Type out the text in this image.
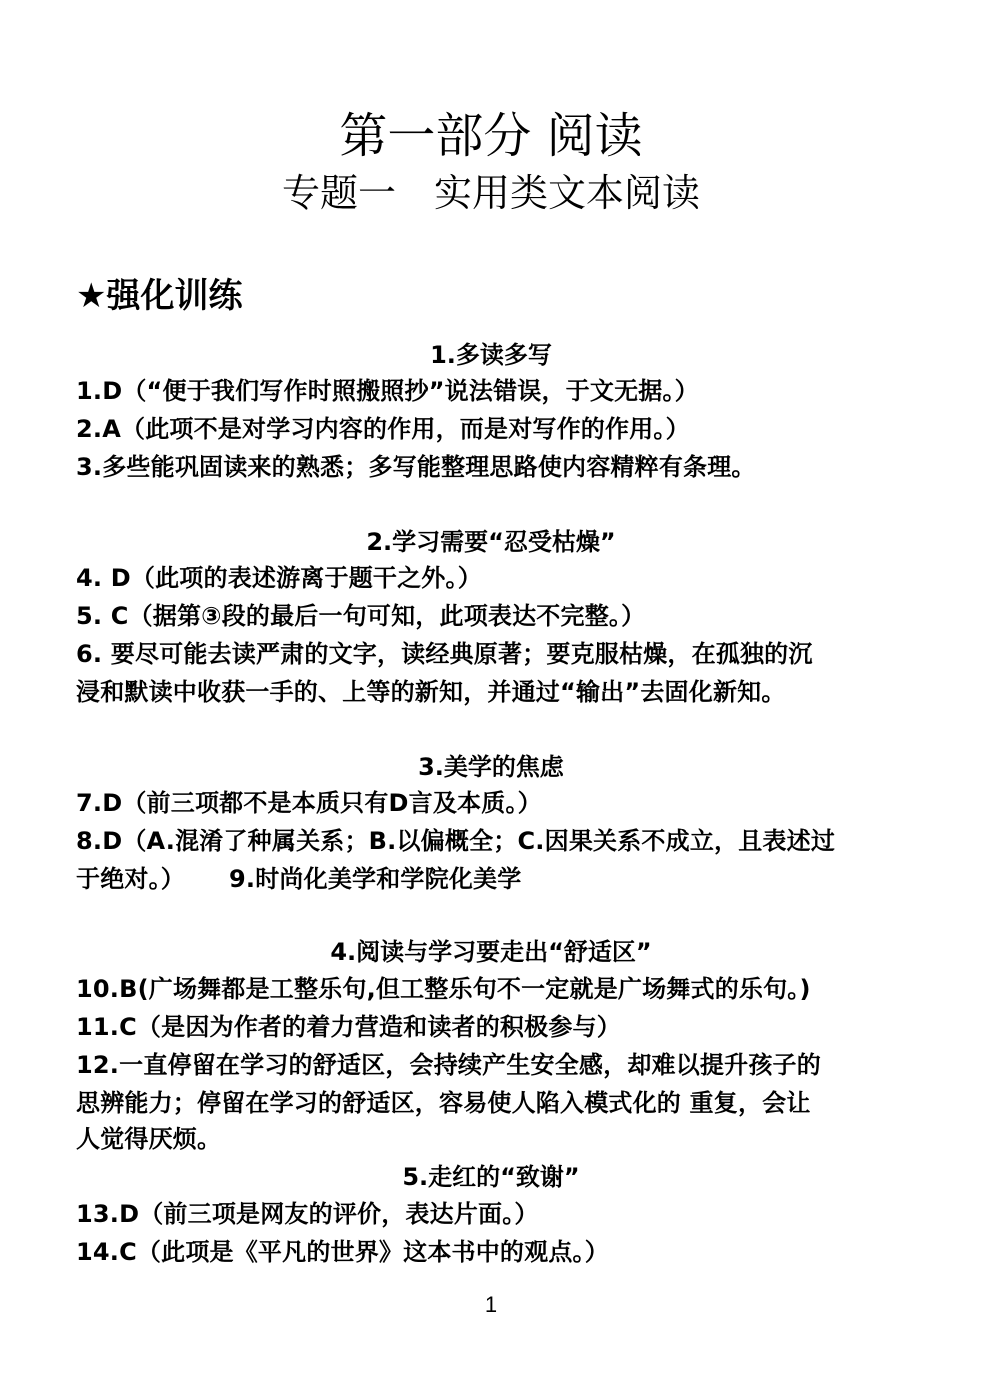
第一部分 阅读
专题一　实用类文本阅读
★强化训练
1.多读多写
1.D（“便于我们写作时照搬照抄”说法错误，于文无据。）
2.A（此项不是对学习内容的作用，而是对写作的作用。）
3.多些能巩固读来的熟悉；多写能整理思路使内容精粹有条理。
2.学习需要“忍受枯燥”
4. D（此项的表述游离于题干之外。）
5. C（据第③段的最后一句可知，此项表达不完整。）
6. 要尽可能去读严肃的文字，读经典原著；要克服枯燥，在孤独的沉
浸和默读中收获一手的、上等的新知，并通过“输出”去固化新知。
3.美学的焦虑
7.D（前三项都不是本质只有D言及本质。）
8.D（A.混淆了种属关系；B.以偏概全；C.因果关系不成立，且表述过
于绝对。） 9.时尚化美学和学院化美学
4.阅读与学习要走出“舒适区”
10.B(广场舞都是工整乐句,但工整乐句不一定就是广场舞式的乐句。)
11.C（是因为作者的着力营造和读者的积极参与）
12.一直停留在学习的舒适区，会持续产生安全感，却难以提升孩子的
思辨能力；停留在学习的舒适区，容易使人陷入模式化的 重复，会让
人觉得厌烦。
5.走红的“致谢”
13.D（前三项是网友的评价，表达片面。）
14.C（此项是《平凡的世界》这本书中的观点。）
1
